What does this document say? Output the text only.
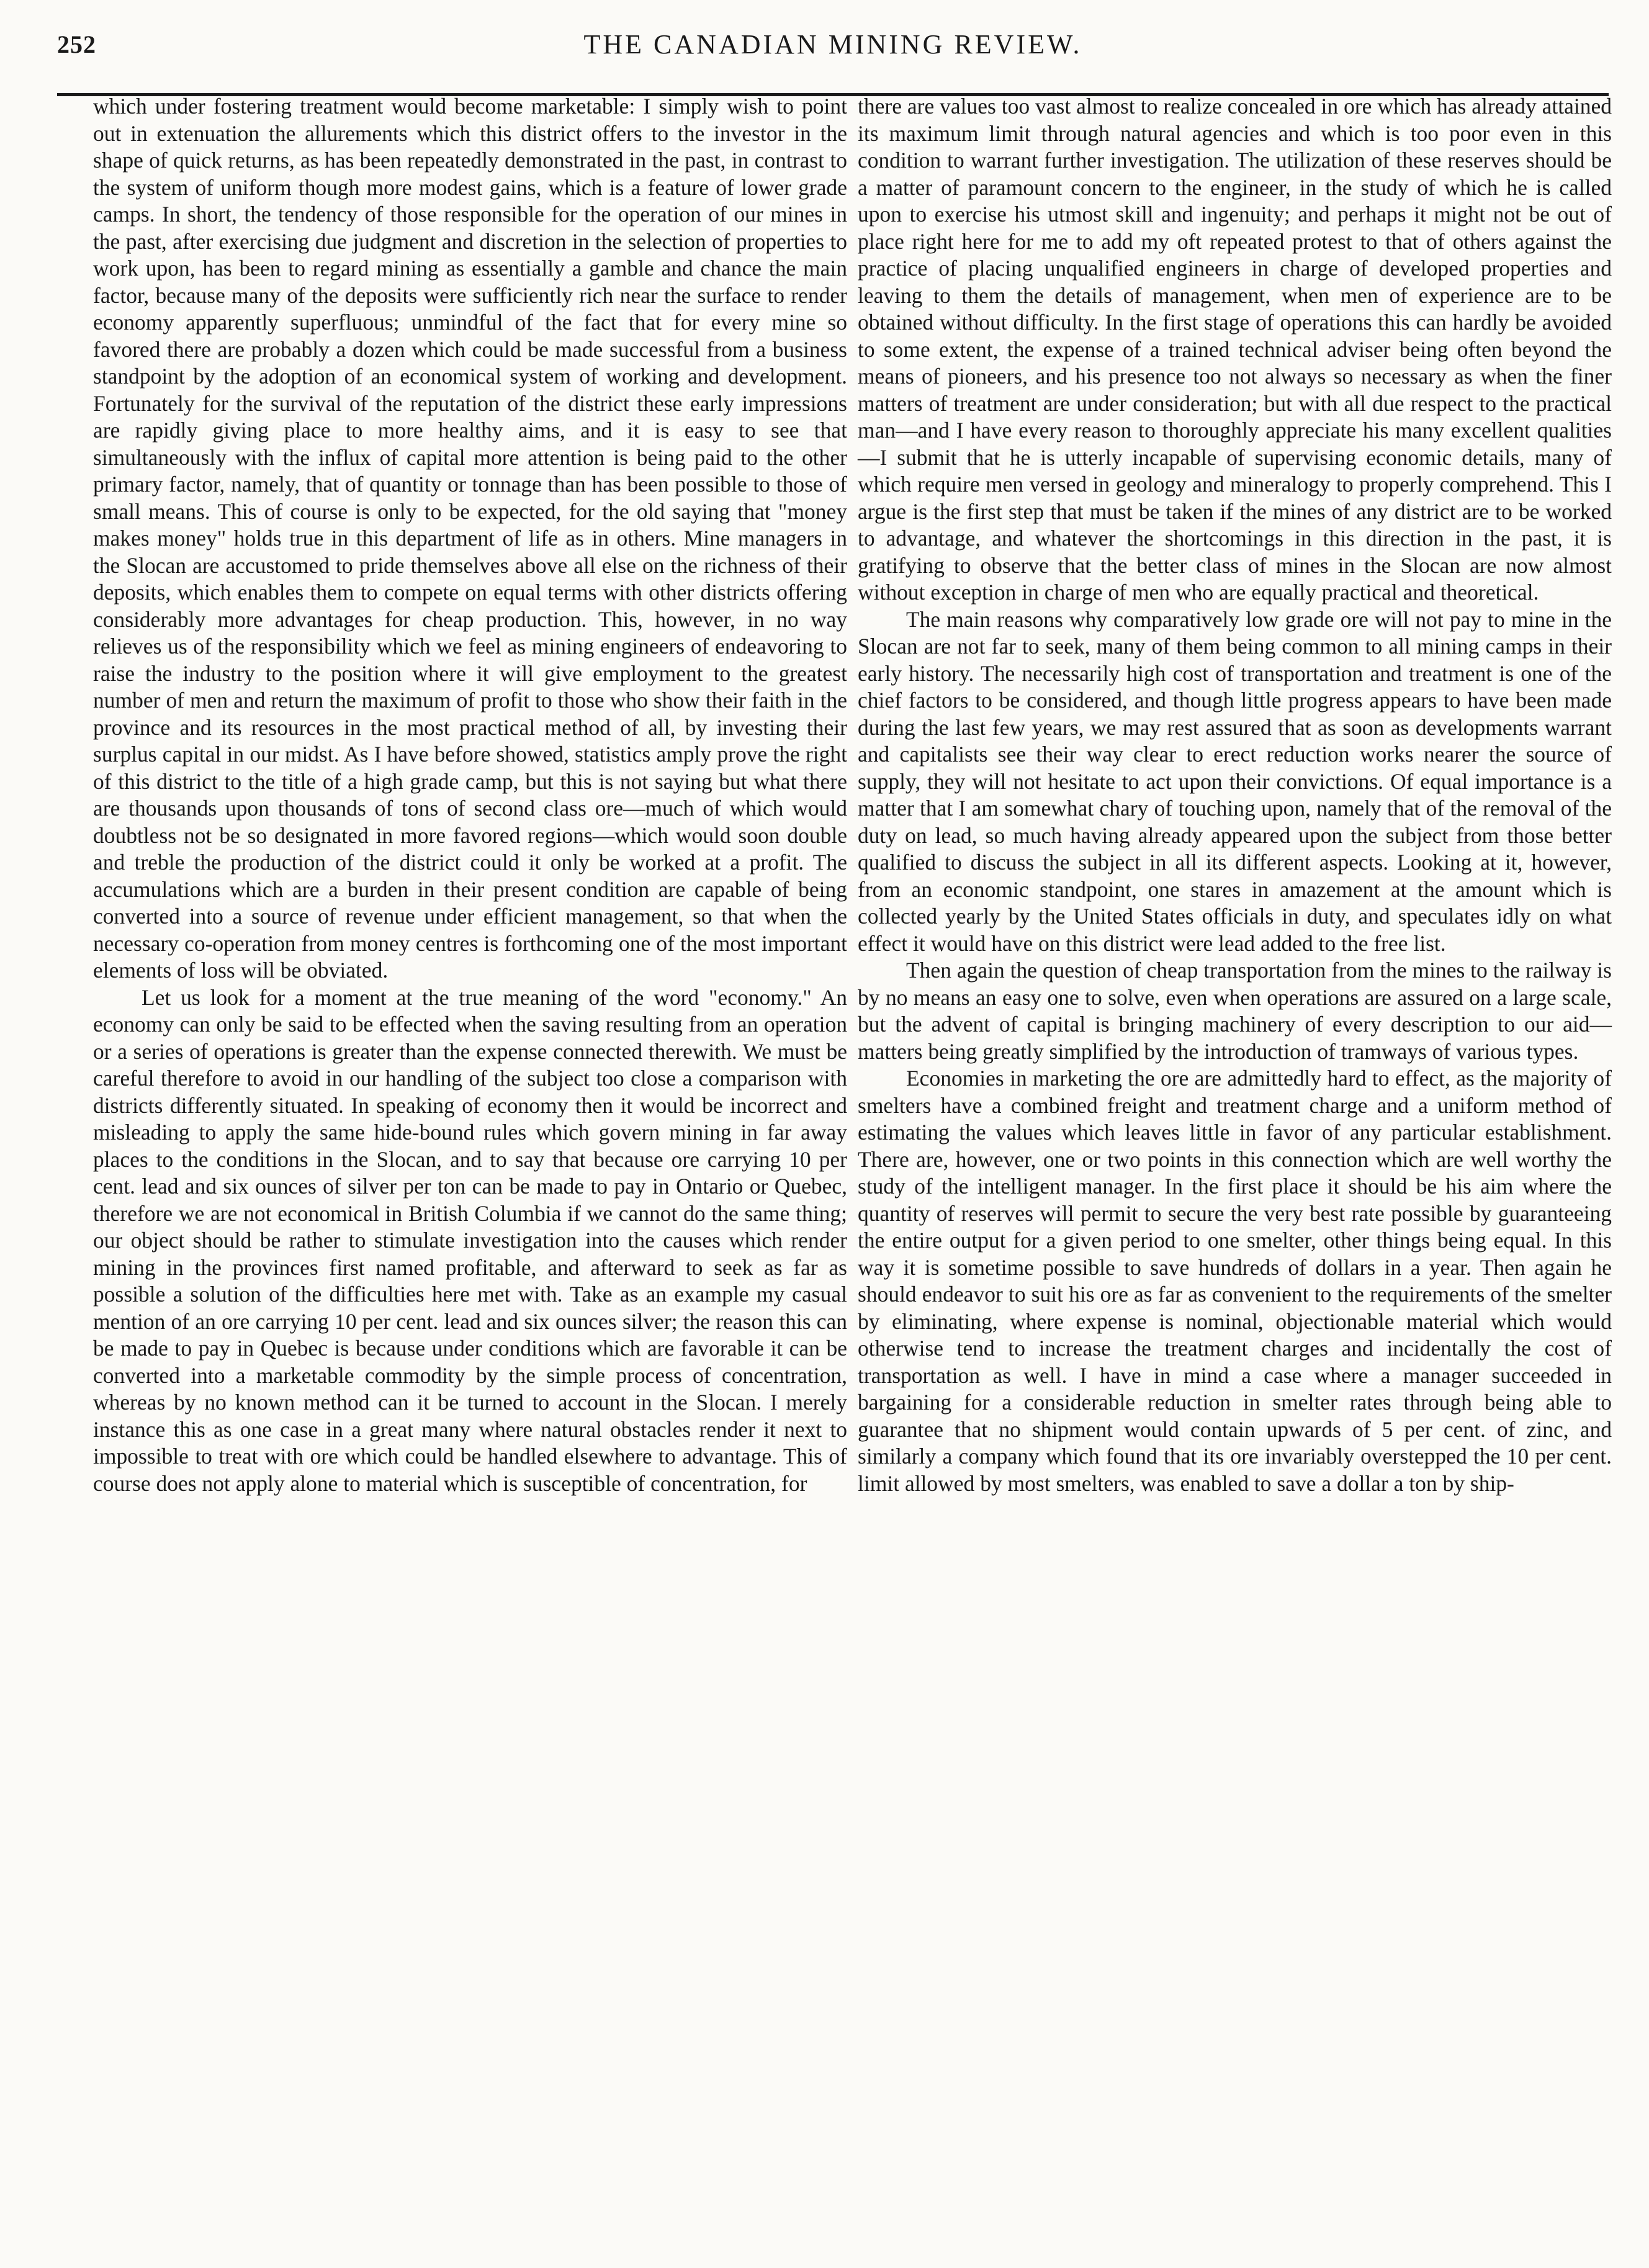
252	THE CANADIAN MINING REVIEW.

which under fostering treatment would become marketable: I simply wish to point out in extenuation the allurements which this district offers to the investor in the shape of quick returns, as has been repeatedly demonstrated in the past, in contrast to the system of uniform though more modest gains, which is a feature of lower grade camps. In short, the tendency of those responsible for the operation of our mines in the past, after exercising due judgment and discretion in the selection of properties to work upon, has been to regard mining as essentially a gamble and chance the main factor, because many of the deposits were sufficiently rich near the surface to render economy apparently superfluous; unmindful of the fact that for every mine so favored there are probably a dozen which could be made successful from a business standpoint by the adoption of an economical system of working and development. Fortunately for the survival of the reputation of the district these early impressions are rapidly giving place to more healthy aims, and it is easy to see that simultaneously with the influx of capital more attention is being paid to the other primary factor, namely, that of quantity or tonnage than has been possible to those of small means. This of course is only to be expected, for the old saying that "money makes money" holds true in this department of life as in others. Mine managers in the Slocan are accustomed to pride themselves above all else on the richness of their deposits, which enables them to compete on equal terms with other districts offering considerably more advantages for cheap production. This, however, in no way relieves us of the responsibility which we feel as mining engineers of endeavoring to raise the industry to the position where it will give employment to the greatest number of men and return the maximum of profit to those who show their faith in the province and its resources in the most practical method of all, by investing their surplus capital in our midst. As I have before showed, statistics amply prove the right of this district to the title of a high grade camp, but this is not saying but what there are thousands upon thousands of tons of second class ore—much of which would doubtless not be so designated in more favored regions—which would soon double and treble the production of the district could it only be worked at a profit. The accumulations which are a burden in their present condition are capable of being converted into a source of revenue under efficient management, so that when the necessary co-operation from money centres is forthcoming one of the most important elements of loss will be obviated.

Let us look for a moment at the true meaning of the word "economy." An economy can only be said to be effected when the saving resulting from an operation or a series of operations is greater than the expense connected therewith. We must be careful therefore to avoid in our handling of the subject too close a comparison with districts differently situated. In speaking of economy then it would be incorrect and misleading to apply the same hide-bound rules which govern mining in far away places to the conditions in the Slocan, and to say that because ore carrying 10 per cent. lead and six ounces of silver per ton can be made to pay in Ontario or Quebec, therefore we are not economical in British Columbia if we cannot do the same thing; our object should be rather to stimulate investigation into the causes which render mining in the provinces first named profitable, and afterward to seek as far as possible a solution of the difficulties here met with. Take as an example my casual mention of an ore carrying 10 per cent. lead and six ounces silver; the reason this can be made to pay in Quebec is because under conditions which are favorable it can be converted into a marketable commodity by the simple process of concentration, whereas by no known method can it be turned to account in the Slocan. I merely instance this as one case in a great many where natural obstacles render it next to impossible to treat with ore which could be handled elsewhere to advantage. This of course does not apply alone to material which is susceptible of concentration, for

there are values too vast almost to realize concealed in ore which has already attained its maximum limit through natural agencies and which is too poor even in this condition to warrant further investigation. The utilization of these reserves should be a matter of paramount concern to the engineer, in the study of which he is called upon to exercise his utmost skill and ingenuity; and perhaps it might not be out of place right here for me to add my oft repeated protest to that of others against the practice of placing unqualified engineers in charge of developed properties and leaving to them the details of management, when men of experience are to be obtained without difficulty. In the first stage of operations this can hardly be avoided to some extent, the expense of a trained technical adviser being often beyond the means of pioneers, and his presence too not always so necessary as when the finer matters of treatment are under consideration; but with all due respect to the practical man—and I have every reason to thoroughly appreciate his many excellent qualities—I submit that he is utterly incapable of supervising economic details, many of which require men versed in geology and mineralogy to properly comprehend. This I argue is the first step that must be taken if the mines of any district are to be worked to advantage, and whatever the shortcomings in this direction in the past, it is gratifying to observe that the better class of mines in the Slocan are now almost without exception in charge of men who are equally practical and theoretical.

The main reasons why comparatively low grade ore will not pay to mine in the Slocan are not far to seek, many of them being common to all mining camps in their early history. The necessarily high cost of transportation and treatment is one of the chief factors to be considered, and though little progress appears to have been made during the last few years, we may rest assured that as soon as developments warrant and capitalists see their way clear to erect reduction works nearer the source of supply, they will not hesitate to act upon their convictions. Of equal importance is a matter that I am somewhat chary of touching upon, namely that of the removal of the duty on lead, so much having already appeared upon the subject from those better qualified to discuss the subject in all its different aspects. Looking at it, however, from an economic standpoint, one stares in amazement at the amount which is collected yearly by the United States officials in duty, and speculates idly on what effect it would have on this district were lead added to the free list.

Then again the question of cheap transportation from the mines to the railway is by no means an easy one to solve, even when operations are assured on a large scale, but the advent of capital is bringing machinery of every description to our aid—matters being greatly simplified by the introduction of tramways of various types.

Economies in marketing the ore are admittedly hard to effect, as the majority of smelters have a combined freight and treatment charge and a uniform method of estimating the values which leaves little in favor of any particular establishment. There are, however, one or two points in this connection which are well worthy the study of the intelligent manager. In the first place it should be his aim where the quantity of reserves will permit to secure the very best rate possible by guaranteeing the entire output for a given period to one smelter, other things being equal. In this way it is sometime possible to save hundreds of dollars in a year. Then again he should endeavor to suit his ore as far as convenient to the requirements of the smelter by eliminating, where expense is nominal, objectionable material which would otherwise tend to increase the treatment charges and incidentally the cost of transportation as well. I have in mind a case where a manager succeeded in bargaining for a considerable reduction in smelter rates through being able to guarantee that no shipment would contain upwards of 5 per cent. of zinc, and similarly a company which found that its ore invariably overstepped the 10 per cent. limit allowed by most smelters, was enabled to save a dollar a ton by ship-
